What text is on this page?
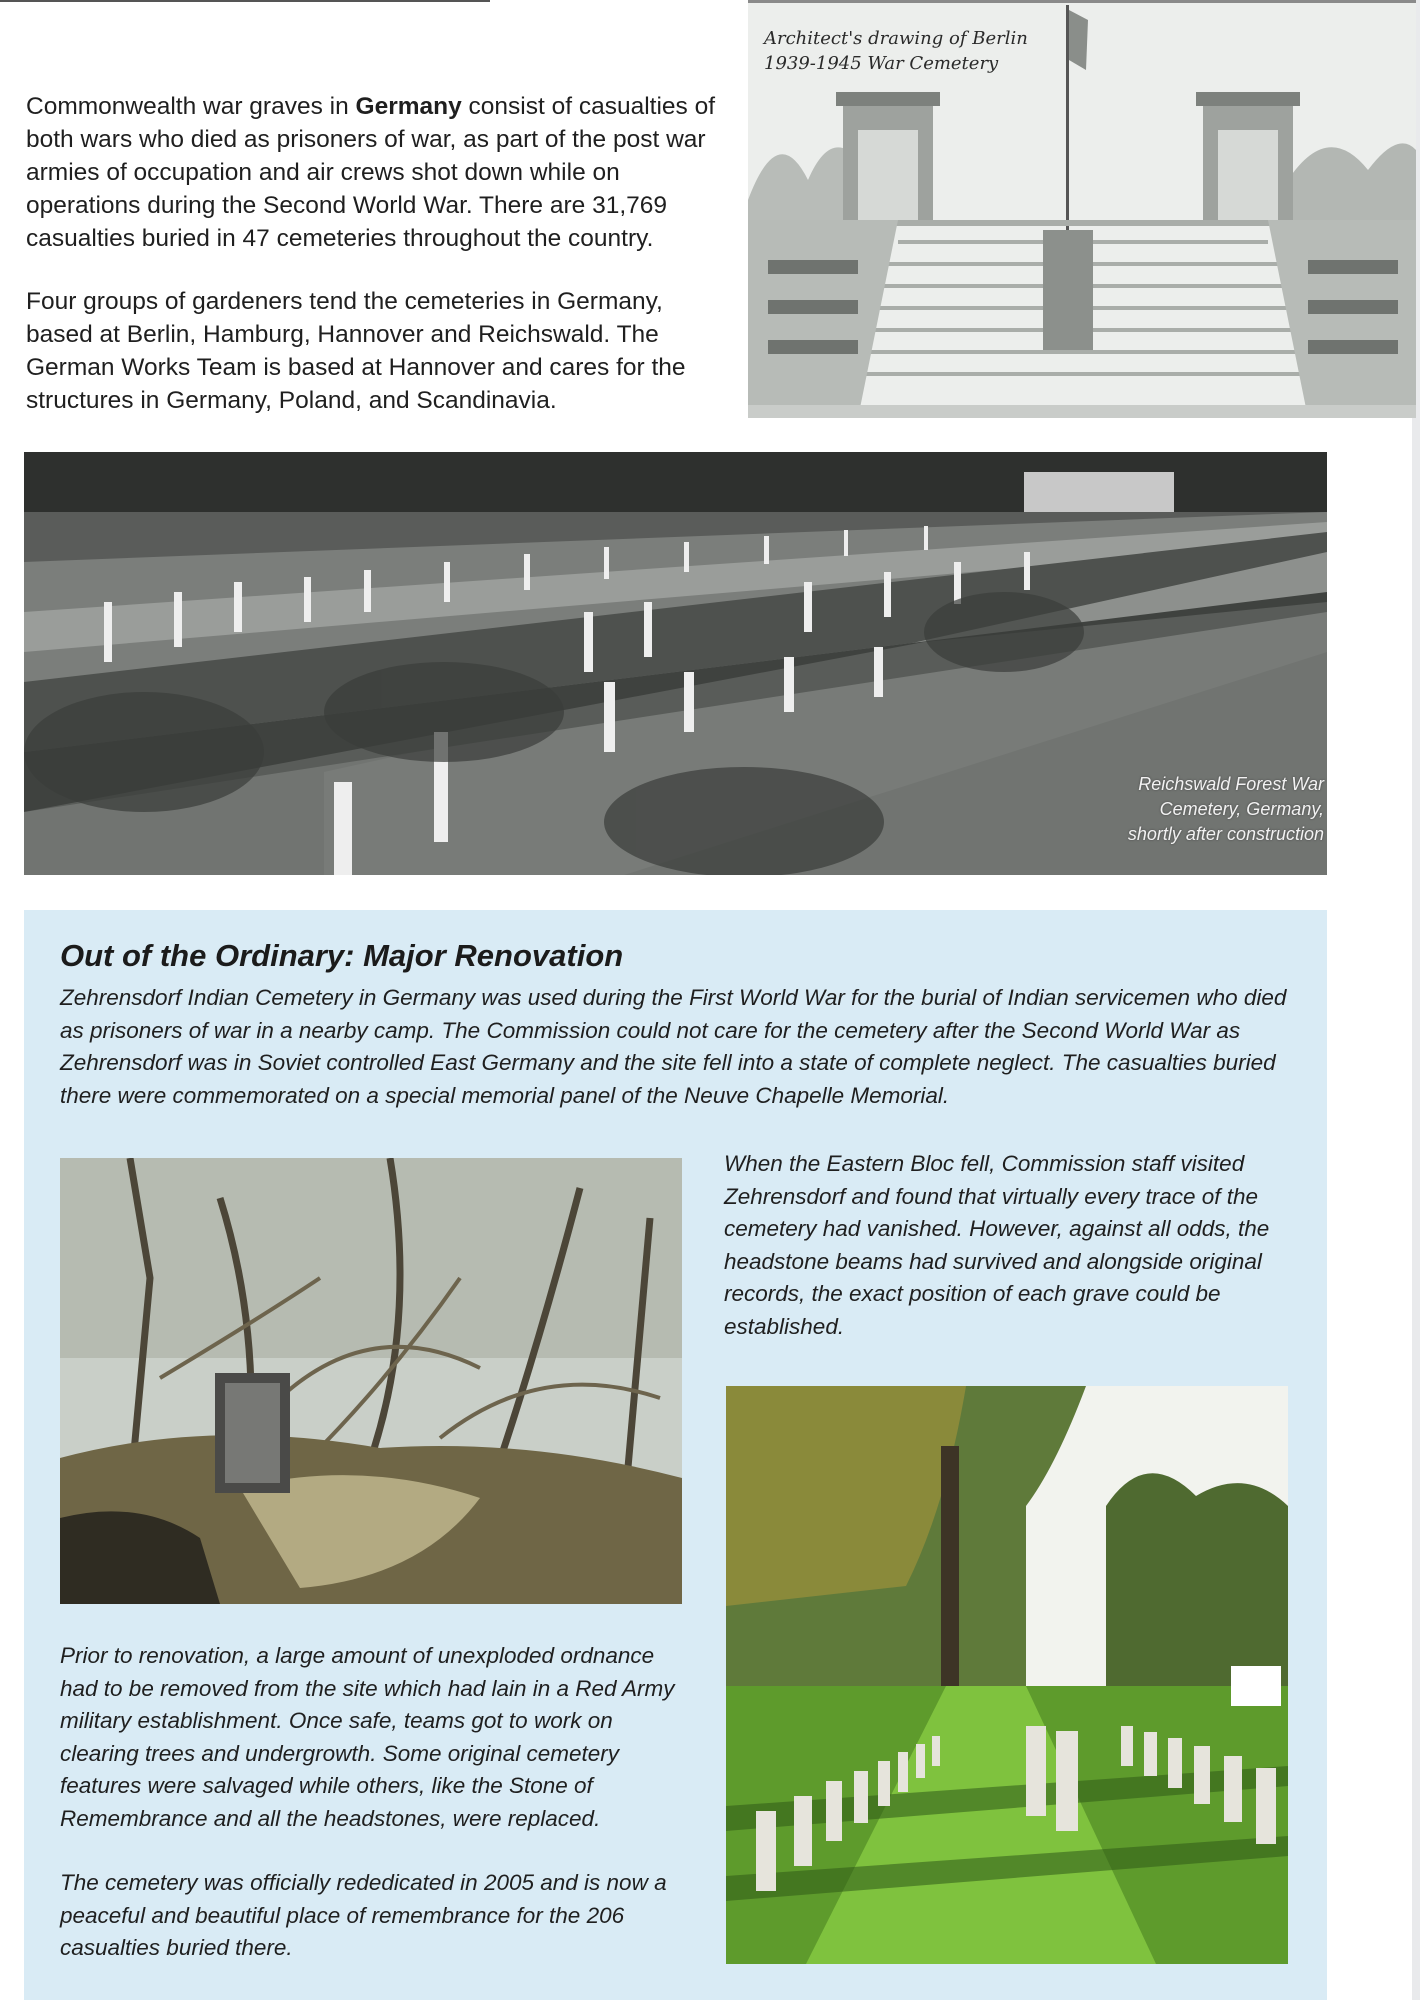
Commonwealth war graves in Germany consist of casualties of both wars who died as prisoners of war, as part of the post war armies of occupation and air crews shot down while on operations during the Second World War. There are 31,769 casualties buried in 47 cemeteries throughout the country.

Four groups of gardeners tend the cemeteries in Germany, based at Berlin, Hamburg, Hannover and Reichswald. The German Works Team is based at Hannover and cares for the structures in Germany, Poland, and Scandinavia.

Architect's drawing of Berlin
1939-1945 War Cemetery
Reichswald Forest War
Cemetery, Germany,
shortly after construction
Out of the Ordinary: Major Renovation

Zehrensdorf Indian Cemetery in Germany was used during the First World War for the burial of Indian servicemen who died as prisoners of war in a nearby camp. The Commission could not care for the cemetery after the Second World War as Zehrensdorf was in Soviet controlled East Germany and the site fell into a state of complete neglect. The casualties buried there were commemorated on a special memorial panel of the Neuve Chapelle Memorial.

When the Eastern Bloc fell, Commission staff visited Zehrensdorf and found that virtually every trace of the cemetery had vanished. However, against all odds, the headstone beams had survived and alongside original records, the exact position of each grave could be established.

Prior to renovation, a large amount of unexploded ordnance had to be removed from the site which had lain in a Red Army military establishment. Once safe, teams got to work on clearing trees and undergrowth. Some original cemetery features were salvaged while others, like the Stone of Remembrance and all the headstones, were replaced.

The cemetery was officially rededicated in 2005 and is now a peaceful and beautiful place of remembrance for the 206 casualties buried there.
